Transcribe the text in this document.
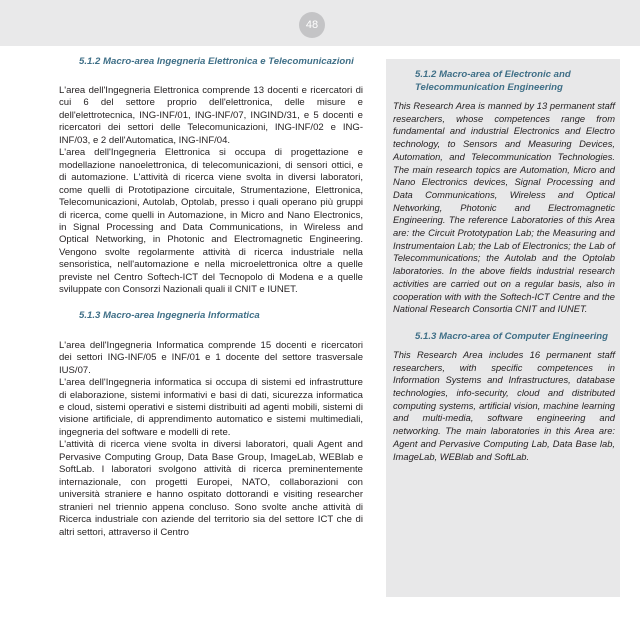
48
5.1.2 Macro-area Ingegneria Elettronica e Telecomunicazioni

L'area dell'Ingegneria Elettronica comprende 13 docenti e ricercatori di cui 6 del settore proprio dell'elettronica, delle misure e dell'elettrotecnica, ING-INF/01, ING-INF/07, INGIND/31, e 5 docenti e ricercatori dei settori delle Telecomunicazioni, ING-INF/02 e ING-INF/03, e 2 dell'Automatica, ING-INF/04.

L'area dell'Ingegneria Elettronica si occupa di progettazione e modellazione nanoelettronica, di telecomunicazioni, di sensori ottici, e di automazione. L'attività di ricerca viene svolta in diversi laboratori, come quelli di Prototipazione circuitale, Strumentazione, Elettronica, Telecomunicazioni, Autolab, Optolab, presso i quali operano più gruppi di ricerca, come quelli in Automazione, in Micro and Nano Electronics, in Signal Processing and Data Communications, in Wireless and Optical Networking, in Photonic and Electromagnetic Engineering. Vengono svolte regolarmente attività di ricerca industriale nella sensoristica, nell'automazione e nella microelettronica oltre a quelle previste nel Centro Softech-ICT del Tecnopolo di Modena e a quelle sviluppate con Consorzi Nazionali quali il CNIT e IUNET.

5.1.3 Macro-area Ingegneria Informatica

L'area dell'Ingegneria Informatica comprende 15 docenti e ricercatori dei settori ING-INF/05 e INF/01 e 1 docente del settore trasversale IUS/07.

L'area dell'Ingegneria informatica si occupa di sistemi ed infrastrutture di elaborazione, sistemi informativi e basi di dati, sicurezza informatica e cloud, sistemi operativi e sistemi distribuiti ad agenti mobili, sistemi di visione artificiale, di apprendimento automatico e sistemi multimediali, ingegneria del software e modelli di rete.

L'attività di ricerca viene svolta in diversi laboratori, quali Agent and Pervasive Computing Group, Data Base Group, ImageLab, WEBlab e SoftLab. I laboratori svolgono attività di ricerca preminentemente internazionale, con progetti Europei, NATO, collaborazioni con università straniere e hanno ospitato dottorandi e visiting researcher stranieri nel triennio appena concluso. Sono svolte anche attività di Ricerca industriale con aziende del territorio sia del settore ICT che di altri settori, attraverso il Centro

5.1.2 Macro-area of Electronic and Telecommunication Engineering

This Research Area is manned by 13 permanent staff researchers, whose competences range from fundamental and industrial Electronics and Electro technology, to Sensors and Measuring Devices, Automation, and Telecommunication Technologies. The main research topics are Automation, Micro and Nano Electronics devices, Signal Processing and Data Communications, Wireless and Optical Networking, Photonic and Electromagnetic Engineering. The reference Laboratories of this Area are: the Circuit Prototypation Lab; the Measuring and Instrumentaion Lab; the Lab of Electronics; the Lab of Telecommunications; the Autolab and the Optolab laboratories. In the above fields industrial research activities are carried out on a regular basis, also in cooperation with with the Softech-ICT Centre and the National Research Consortia CNIT and IUNET.

5.1.3 Macro-area of Computer Engineering

This Research Area includes 16 permanent staff researchers, with specific competences in Information Systems and Infrastructures, database technologies, info-security, cloud and distributed computing systems, artificial vision, machine learning and multi-media, software engineering and networking. The main laboratories in this Area are: Agent and Pervasive Computing Lab, Data Base lab, ImageLab, WEBlab and SoftLab.
